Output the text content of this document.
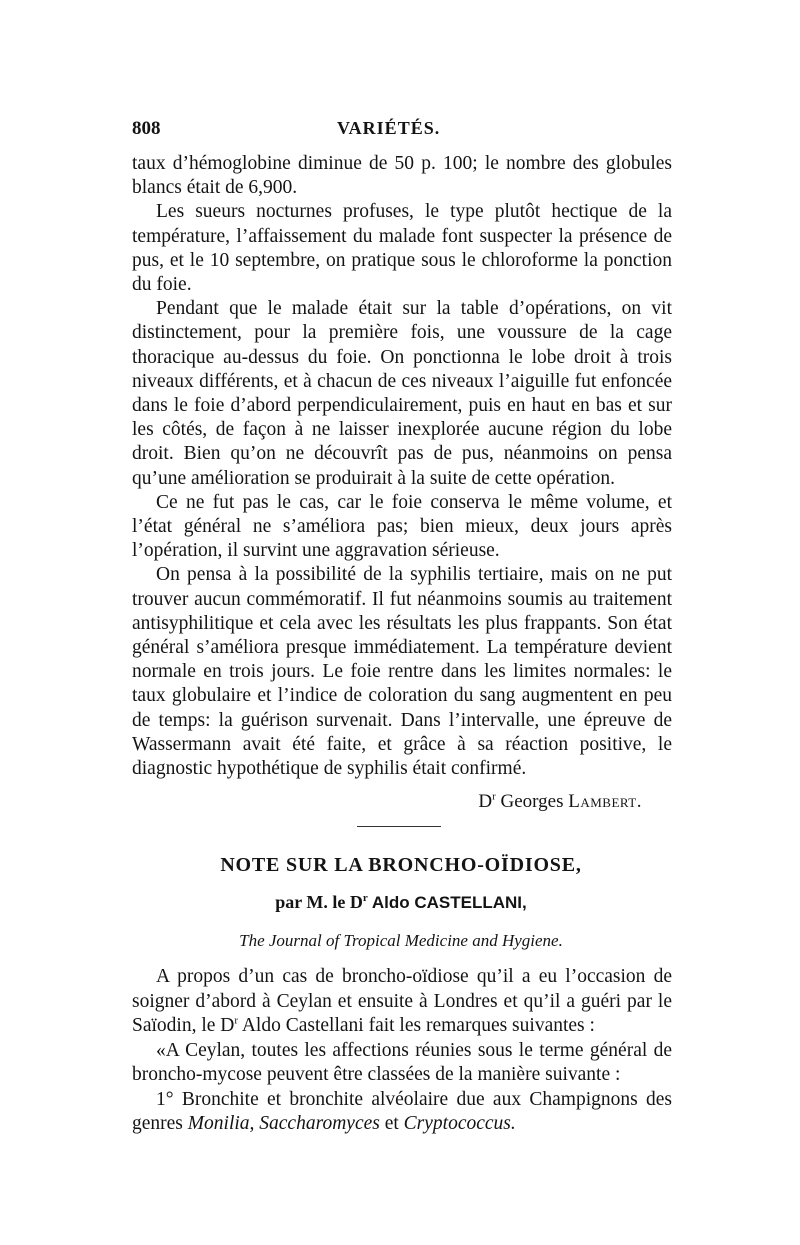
808	VARIÉTÉS.

taux d’hémoglobine diminue de 50 p. 100; le nombre des globules blancs était de 6,900.

Les sueurs nocturnes profuses, le type plutôt hectique de la température, l’affaissement du malade font suspecter la présence de pus, et le 10 septembre, on pratique sous le chloroforme la ponction du foie.

Pendant que le malade était sur la table d’opérations, on vit distinctement, pour la première fois, une voussure de la cage thoracique au-dessus du foie. On ponctionna le lobe droit à trois niveaux différents, et à chacun de ces niveaux l’aiguille fut enfoncée dans le foie d’abord perpendiculairement, puis en haut en bas et sur les côtés, de façon à ne laisser inexplorée aucune région du lobe droit. Bien qu’on ne découvrît pas de pus, néanmoins on pensa qu’une amélioration se produirait à la suite de cette opération.

Ce ne fut pas le cas, car le foie conserva le même volume, et l’état général ne s’améliora pas; bien mieux, deux jours après l’opération, il survint une aggravation sérieuse.

On pensa à la possibilité de la syphilis tertiaire, mais on ne put trouver aucun commémoratif. Il fut néanmoins soumis au traitement antisyphilitique et cela avec les résultats les plus frappants. Son état général s’améliora presque immédiatement. La température devient normale en trois jours. Le foie rentre dans les limites normales: le taux globulaire et l’indice de coloration du sang augmentent en peu de temps: la guérison survenait. Dans l’intervalle, une épreuve de Wassermann avait été faite, et grâce à sa réaction positive, le diagnostic hypothétique de syphilis était confirmé.

$D^r$ Georges Lambert.

NOTE SUR LA BRONCHO-OÏDIOSE,
par M. le $D^r$ Aldo CASTELLANI,
The Journal of Tropical Medicine and Hygiene.

A propos d’un cas de broncho-oïdiose qu’il a eu l’occasion de soigner d’abord à Ceylan et ensuite à Londres et qu’il a guéri par le Saïodin, le $D^r$ Aldo Castellani fait les remarques suivantes :

«A Ceylan, toutes les affections réunies sous le terme général de broncho-mycose peuvent être classées de la manière suivante :

1° Bronchite et bronchite alvéolaire due aux Champignons des genres Monilia, Saccharomyces et Cryptococcus.
